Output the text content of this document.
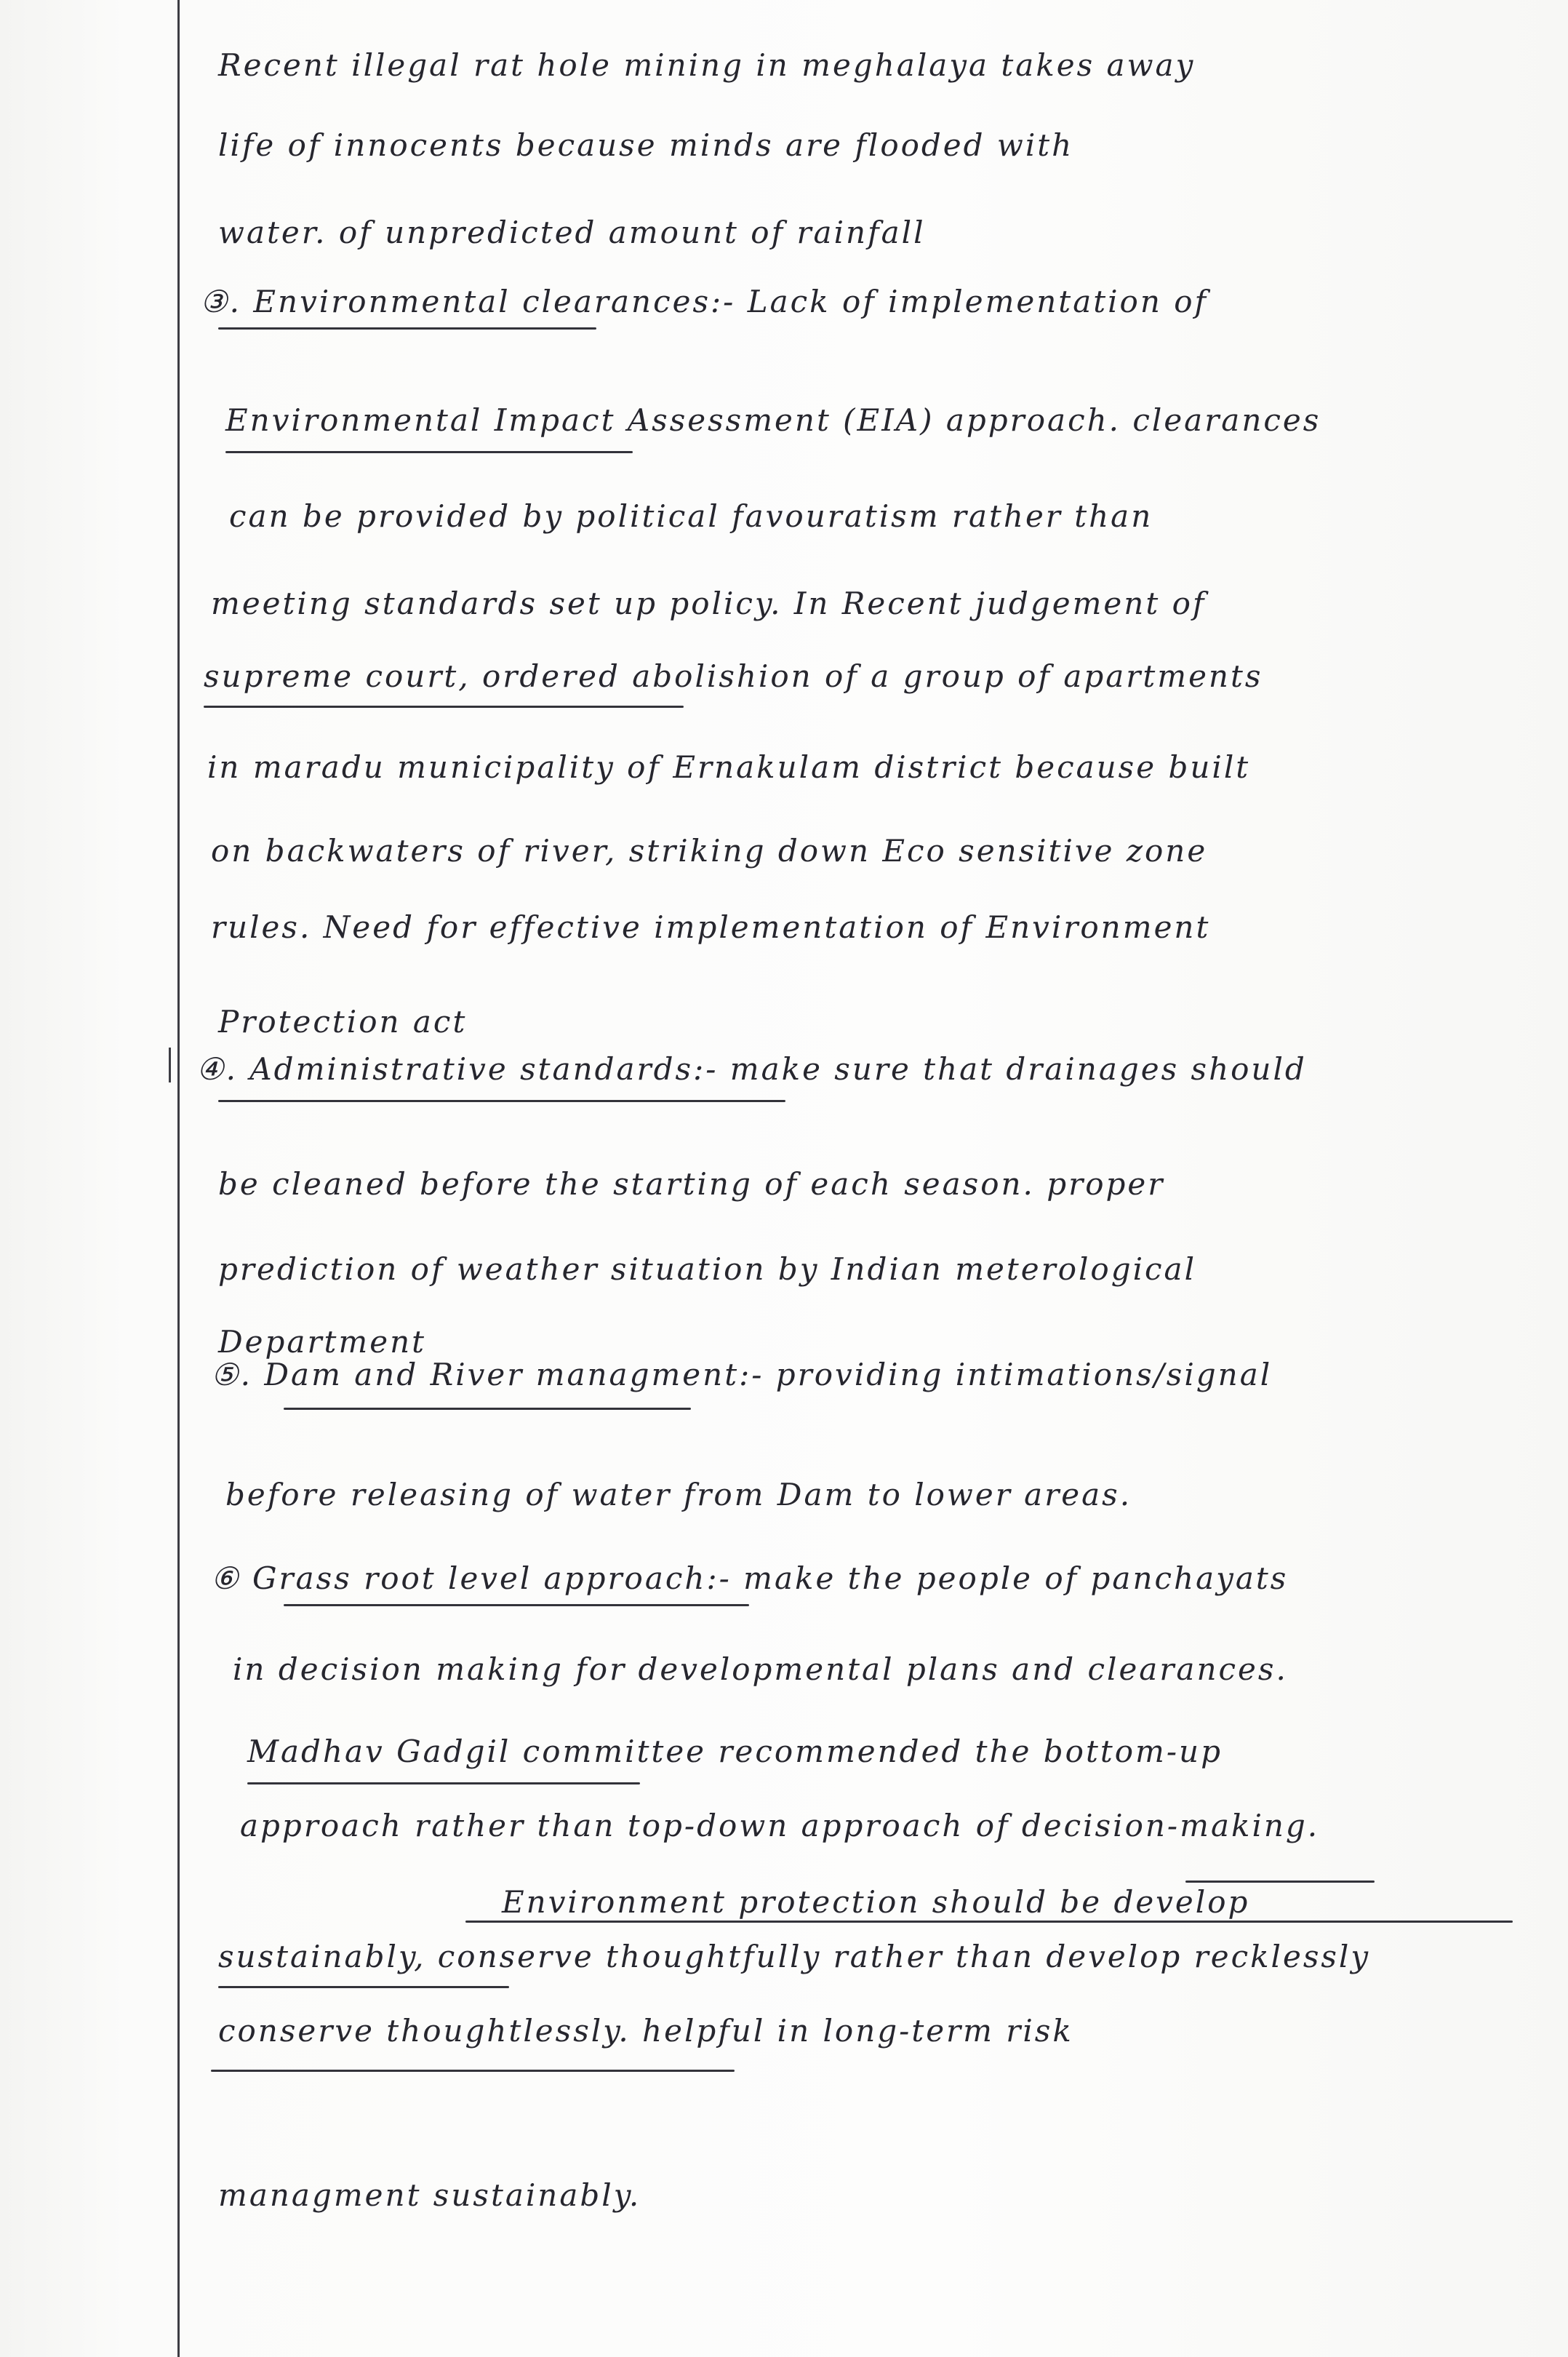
Recent illegal rat hole mining in meghalaya takes away
life of innocents because minds are flooded with
water. of unpredicted amount of rainfall
③. Environmental clearances:- Lack of implementation of
Environmental Impact Assessment (EIA) approach. clearances
can be provided by political favouratism rather than
meeting standards set up policy. In Recent judgement of
supreme court, ordered abolishion of a group of apartments
in maradu municipality of Ernakulam district because built
on backwaters of river, striking down Eco sensitive zone
rules. Need for effective implementation of Environment
Protection act
④. Administrative standards:- make sure that drainages should
be cleaned before the starting of each season. proper
prediction of weather situation by Indian meterological
Department
⑤. Dam and River managment:- providing intimations/signal
before releasing of water from Dam to lower areas.
⑥ Grass root level approach:- make the people of panchayats
in decision making for developmental plans and clearances.
Madhav Gadgil committee recommended the bottom-up
approach rather than top-down approach of decision-making.
Environment protection should be develop
sustainably, conserve thoughtfully rather than develop recklessly
conserve thoughtlessly. helpful in long-term risk
managment sustainably.
